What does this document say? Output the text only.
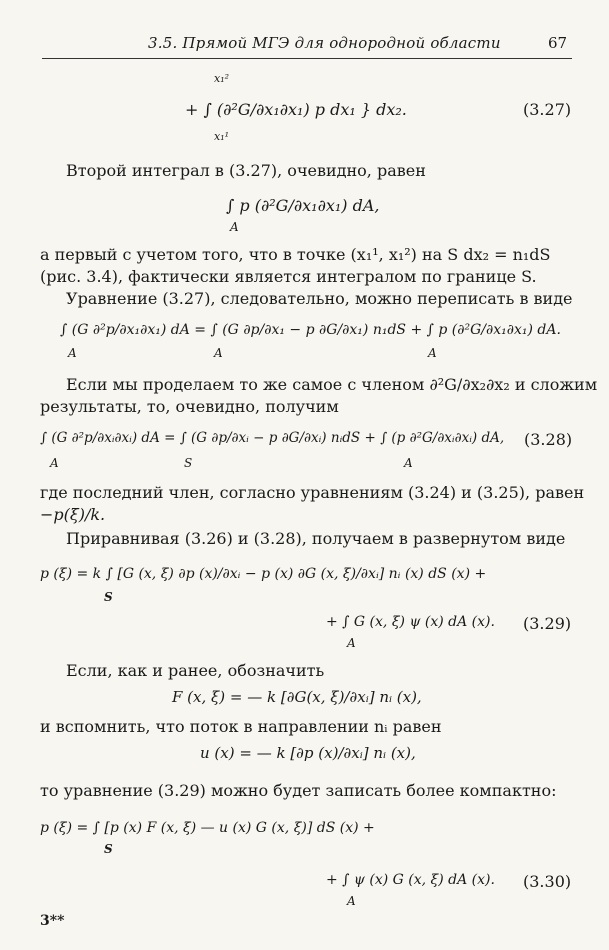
3.5. Прямой МГЭ для однородной области	67
x₁²
x₁¹
+ ∫ (∂²G/∂x₁∂x₁) p dx₁ } dx₂.	(3.27)
Второй интеграл в (3.27), очевидно, равен
∫ p (∂²G/∂x₁∂x₁) dA,
A
а первый с учетом того, что в точке (x₁¹, x₁²) на S dx₂ = n₁dS
(рис. 3.4), фактически является интегралом по границе S.
Уравнение (3.27), следовательно, можно переписать в виде
∫ (G ∂²p/∂x₁∂x₁) dA = ∫ (G ∂p/∂x₁ − p ∂G/∂x₁) n₁dS + ∫ p (∂²G/∂x₁∂x₁) dA.
A	A	A
Если мы проделаем то же самое с членом ∂²G/∂x₂∂x₂ и сложим
результаты, то, очевидно, получим
∫ (G ∂²p/∂xᵢ∂xᵢ) dA = ∫ (G ∂p/∂xᵢ − p ∂G/∂xᵢ) nᵢdS + ∫ (p ∂²G/∂xᵢ∂xᵢ) dA,
A	S	A
(3.28)
где последний член, согласно уравнениям (3.24) и (3.25), равен
−p(ξ)/k.
Приравнивая (3.26) и (3.28), получаем в развернутом виде
p (ξ) = k ∫ [G (x, ξ) ∂p (x)/∂xᵢ − p (x) ∂G (x, ξ)/∂xᵢ] nᵢ (x) dS (x) +
S
+ ∫ G (x, ξ) ψ (x) dA (x).
A
(3.29)
Если, как и ранее, обозначить
F (x, ξ) = — k [∂G(x, ξ)/∂xᵢ] nᵢ (x),
и вспомнить, что поток в направлении nᵢ равен
u (x) = — k [∂p (x)/∂xᵢ] nᵢ (x),
то уравнение (3.29) можно будет записать более компактно:
p (ξ) = ∫ [p (x) F (x, ξ) — u (x) G (x, ξ)] dS (x) +
S
+ ∫ ψ (x) G (x, ξ) dA (x).
A
(3.30)
3**
